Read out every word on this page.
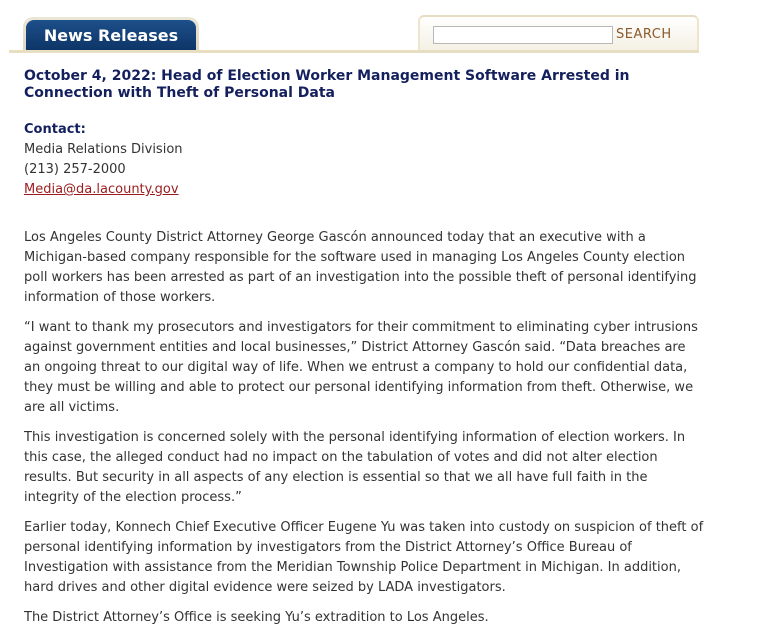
News Releases	SEARCH
October 4, 2022: Head of Election Worker Management Software Arrested in Connection with Theft of Personal Data
Contact:
Media Relations Division
(213) 257-2000
Media@da.lacounty.gov

Los Angeles County District Attorney George Gascón announced today that an executive with a Michigan-based company responsible for the software used in managing Los Angeles County election poll workers has been arrested as part of an investigation into the possible theft of personal identifying information of those workers.

“I want to thank my prosecutors and investigators for their commitment to eliminating cyber intrusions against government entities and local businesses,” District Attorney Gascón said. “Data breaches are an ongoing threat to our digital way of life. When we entrust a company to hold our confidential data, they must be willing and able to protect our personal identifying information from theft. Otherwise, we are all victims.

This investigation is concerned solely with the personal identifying information of election workers. In this case, the alleged conduct had no impact on the tabulation of votes and did not alter election results. But security in all aspects of any election is essential so that we all have full faith in the integrity of the election process.”

Earlier today, Konnech Chief Executive Officer Eugene Yu was taken into custody on suspicion of theft of personal identifying information by investigators from the District Attorney’s Office Bureau of Investigation with assistance from the Meridian Township Police Department in Michigan. In addition, hard drives and other digital evidence were seized by LADA investigators.

The District Attorney’s Office is seeking Yu’s extradition to Los Angeles.
